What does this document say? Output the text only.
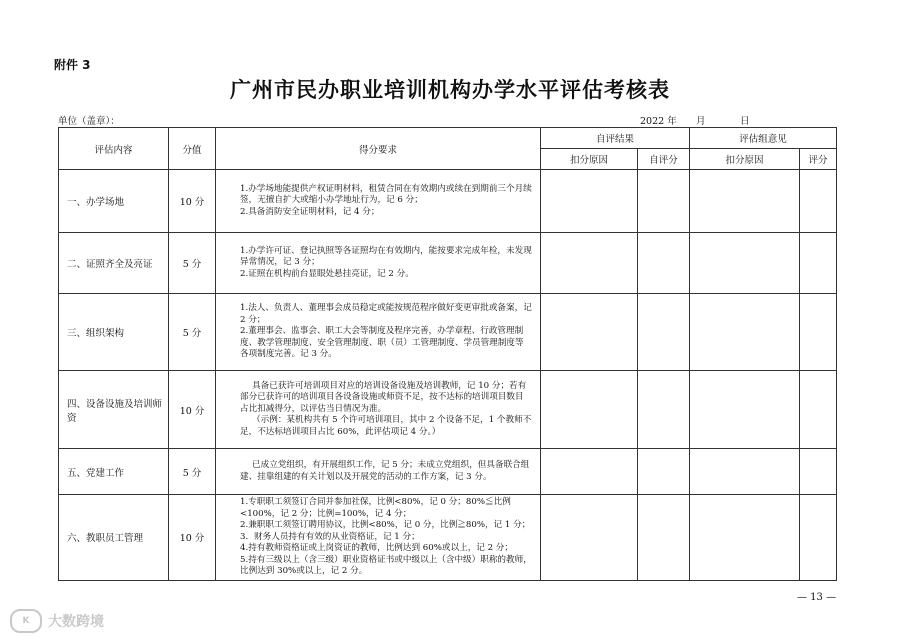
附件 3
广州市民办职业培训机构办学水平评估考核表
单位（盖章）：	2022 年	月	日
评估内容	分值	得分要求	自评结果		评估组意见	
			扣分原因	自评分	扣分原因	评分
一、办学场地	10 分	1.办学场地能提供产权证明材料，租赁合同在有效期内或续在到期前三个月续签，无擅自扩大或缩小办学地址行为，记 6 分；
2.具备消防安全证明材料，记 4 分；				

二、证照齐全及亮证	5 分	1.办学许可证、登记执照等各证照均在有效期内，能按要求完成年检，未发现异常情况，记 3 分；
2.证照在机构前台显眼处悬挂亮证，记 2 分。				

三、组织架构	5 分	1.法人、负责人、董理事会成员稳定或能按规范程序做好变更审批或备案，记 2 分；
2.董理事会、监事会、职工大会等制度及程序完善，办学章程、行政管理制度、教学管理制度、安全管理制度、职（员）工管理制度、学员管理制度等各项制度完善。记 3 分。				

四、设备设施及培训师资	10 分	具备已获许可培训项目对应的培训设备设施及培训教师，记 10 分；若有部分已获许可的培训项目各设备设施或师资不足，按不达标的培训项目数目占比扣减得分，以评估当日情况为准。
（示例：某机构共有 5 个许可培训项目，其中 2 个设备不足，1 个教师不足，不达标培训项目占比 60%，此评估项记 4 分。）				

五、党建工作	5 分	已成立党组织，有开展组织工作，记 5 分；未成立党组织，但具备联合组建、挂靠组建的有关计划以及开展党的活动的工作方案，记 3 分。				

六、教职员工管理	10 分	1.专职职工须签订合同并参加社保，比例<80%，记 0 分；80%≦比例<100%，记 2 分；比例=100%，记 4 分；
2.兼职职工须签订聘用协议，比例<80%，记 0 分，比例≧80%，记 1 分；
3．财务人员持有有效的从业资格证，记 1 分；
4.持有教师资格证或上岗资证的教师，比例达到 60%或以上，记 2 分；
5.持有三级以上（含三级）职业资格证书或中级以上（含中级）职称的教师，比例达到 30%或以上，记 2 分。				

— 13 —
K	大数跨境
